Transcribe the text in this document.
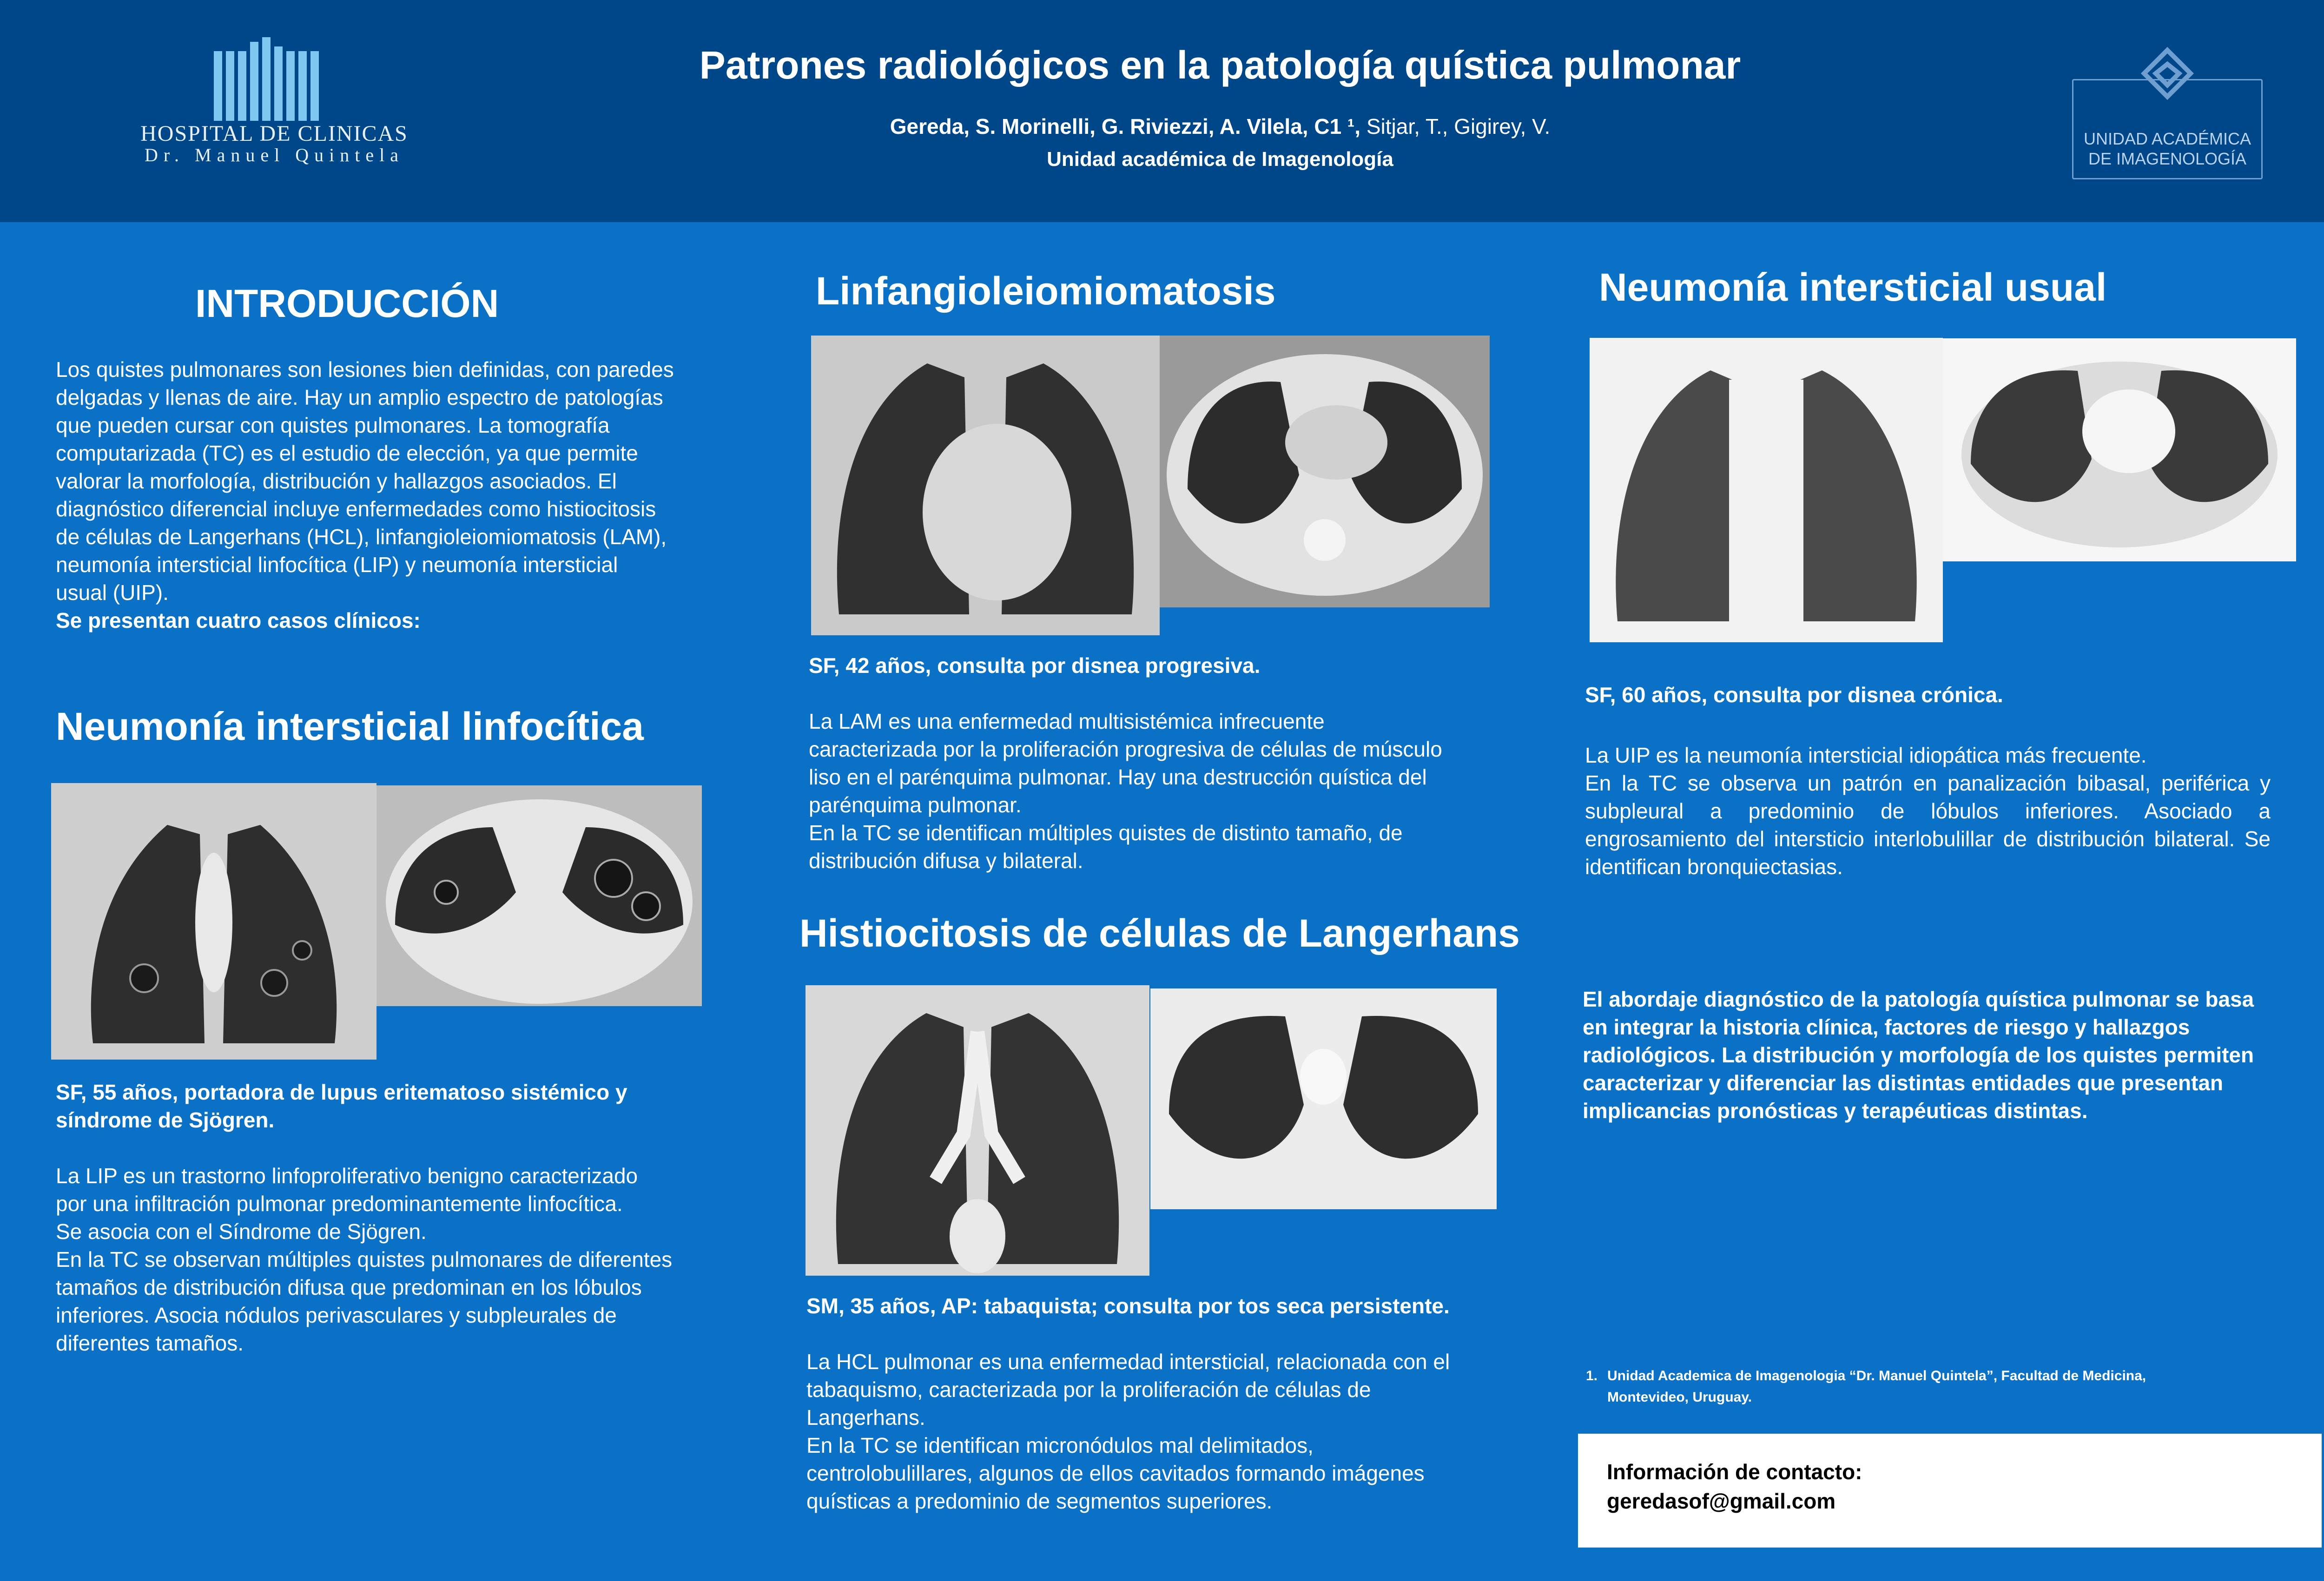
HOSPITAL DE CLINICAS
Dr. Manuel Quintela
Patrones radiológicos en la patología quística pulmonar
Gereda, S. Morinelli, G. Riviezzi, A. Vilela, C1 ¹, Sitjar, T., Gigirey, V.
Unidad académica de Imagenología
UNIDAD ACADÉMICA
DE IMAGENOLOGÍA
INTRODUCCIÓN
Los quistes pulmonares son lesiones bien definidas, con paredes
delgadas y llenas de aire. Hay un amplio espectro de patologías
que pueden cursar con quistes pulmonares. La tomografía
computarizada (TC) es el estudio de elección, ya que permite
valorar la morfología, distribución y hallazgos asociados. El
diagnóstico diferencial incluye enfermedades como histiocitosis
de células de Langerhans (HCL), linfangioleiomiomatosis (LAM),
neumonía intersticial linfocítica (LIP) y neumonía intersticial
usual (UIP).
Se presentan cuatro casos clínicos:
Neumonía intersticial linfocítica
SF, 55 años, portadora de lupus eritematoso sistémico y
síndrome de Sjögren.
La LIP es un trastorno linfoproliferativo benigno caracterizado
por una infiltración pulmonar predominantemente linfocítica.
Se asocia con el Síndrome de Sjögren.
En la TC se observan múltiples quistes pulmonares de diferentes
tamaños de distribución difusa que predominan en los lóbulos
inferiores. Asocia nódulos perivasculares y subpleurales de
diferentes tamaños.
Linfangioleiomiomatosis
SF, 42 años, consulta por disnea progresiva.
La LAM es una enfermedad multisistémica infrecuente
caracterizada por la proliferación progresiva de células de músculo
liso en el parénquima pulmonar. Hay una destrucción quística del
parénquima pulmonar.
En la TC se identifican múltiples quistes de distinto tamaño, de
distribución difusa y bilateral.
Histiocitosis de células de Langerhans
SM, 35 años, AP: tabaquista; consulta por tos seca persistente.
La HCL pulmonar es una enfermedad intersticial, relacionada con el
tabaquismo, caracterizada por la proliferación de células de
Langerhans.
En la TC se identifican micronódulos mal delimitados,
centrolobulillares, algunos de ellos cavitados formando imágenes
quísticas a predominio de segmentos superiores.
Neumonía intersticial usual
SF, 60 años, consulta por disnea crónica.
La UIP es la neumonía intersticial idiopática más frecuente.
En la TC se observa un patrón en panalización bibasal, periférica y subpleural a predominio de lóbulos inferiores. Asociado a engrosamiento del intersticio interlobulillar de distribución bilateral. Se identifican bronquiectasias.
El abordaje diagnóstico de la patología quística pulmonar se basa
en integrar la historia clínica, factores de riesgo y hallazgos
radiológicos. La distribución y morfología de los quistes permiten
caracterizar y diferenciar las distintas entidades que presentan
implicancias pronósticas y terapéuticas distintas.
1. Unidad Academica de Imagenologia “Dr. Manuel Quintela”, Facultad de Medicina,
Montevideo, Uruguay.
Información de contacto:
geredasof@gmail.com
